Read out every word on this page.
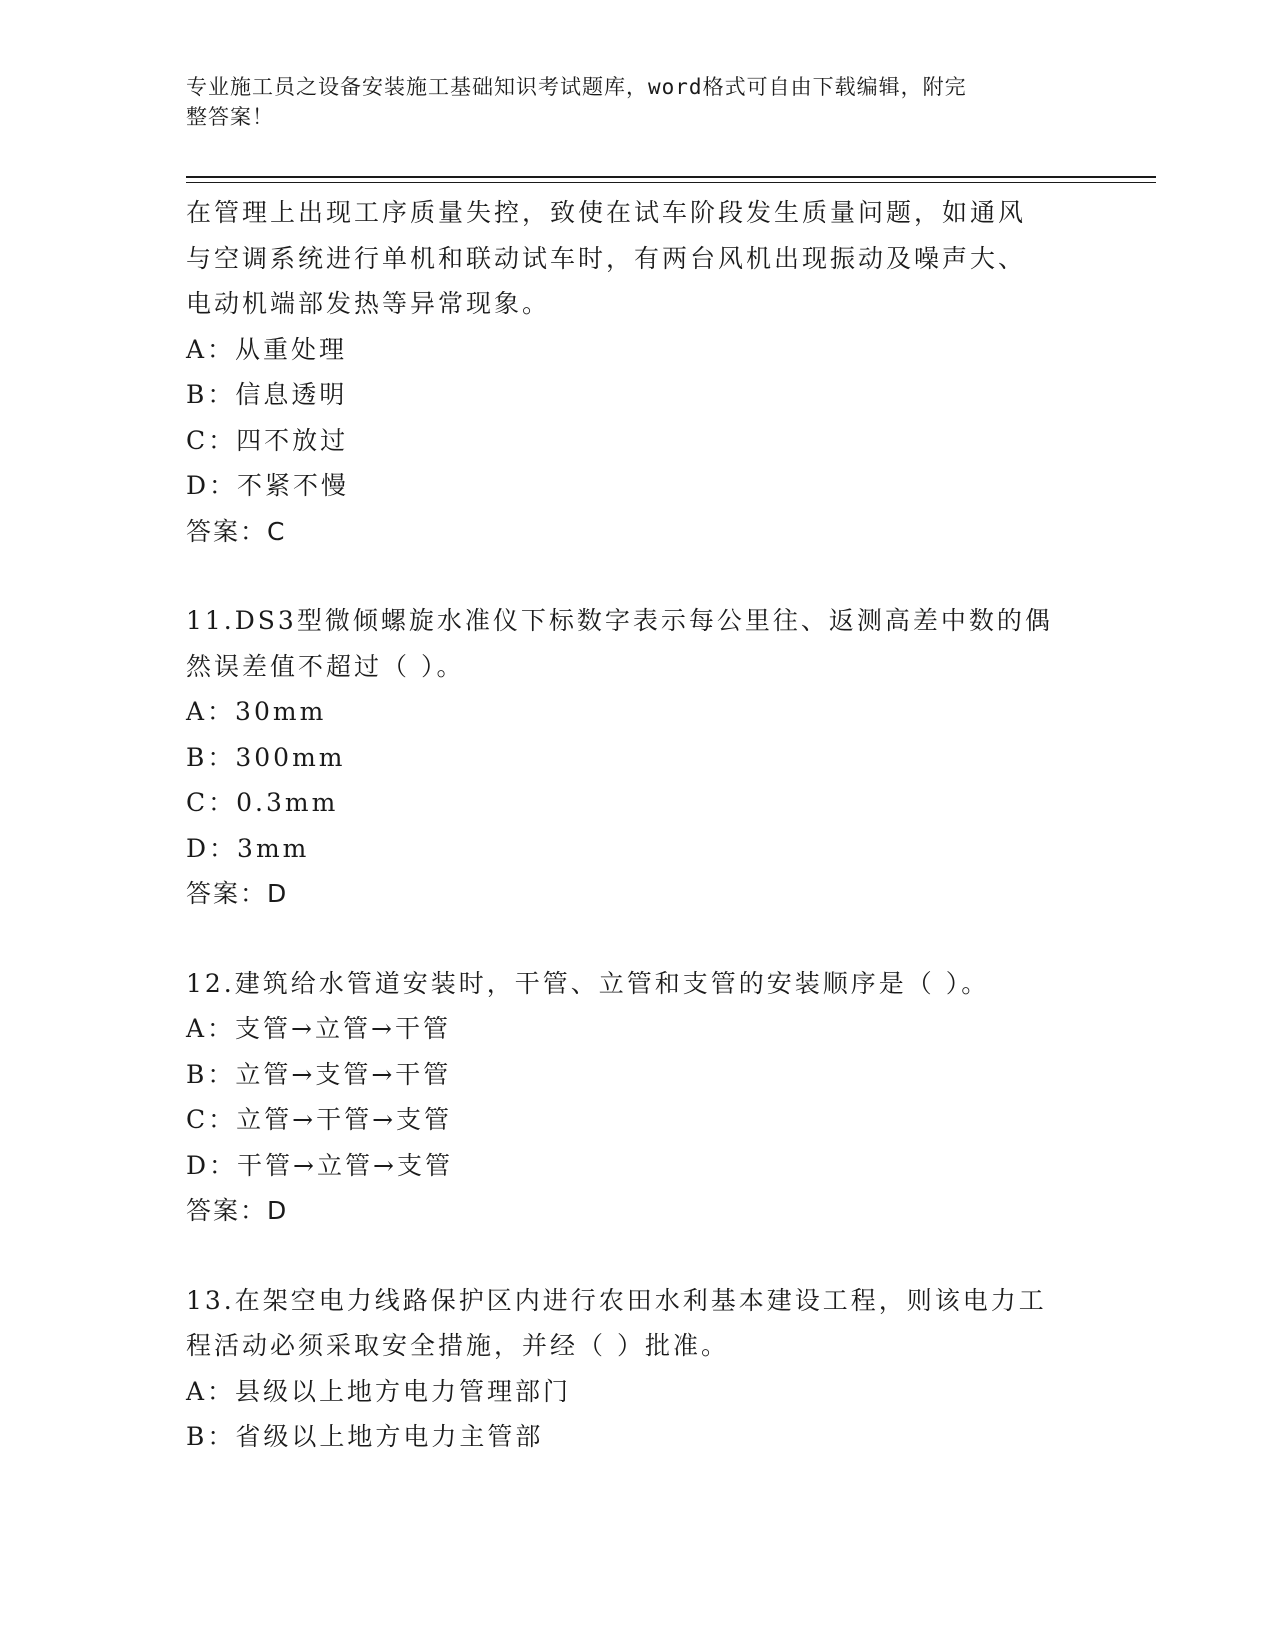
专业施工员之设备安装施工基础知识考试题库，word格式可自由下载编辑，附完
整答案！
在管理上出现工序质量失控，致使在试车阶段发生质量问题，如通风
与空调系统进行单机和联动试车时，有两台风机出现振动及噪声大、
电动机端部发热等异常现象。
A：从重处理
B：信息透明
C：四不放过
D：不紧不慢
答案：C
11.DS3型微倾螺旋水准仪下标数字表示每公里往、返测高差中数的偶
然误差值不超过（ ）。
A：30mm
B：300mm
C：0.3mm
D：3mm
答案：D
12.建筑给水管道安装时，干管、立管和支管的安装顺序是（ ）。
A：支管→立管→干管
B：立管→支管→干管
C：立管→干管→支管
D：干管→立管→支管
答案：D
13.在架空电力线路保护区内进行农田水利基本建设工程，则该电力工
程活动必须采取安全措施，并经（ ）批准。
A：县级以上地方电力管理部门
B：省级以上地方电力主管部
